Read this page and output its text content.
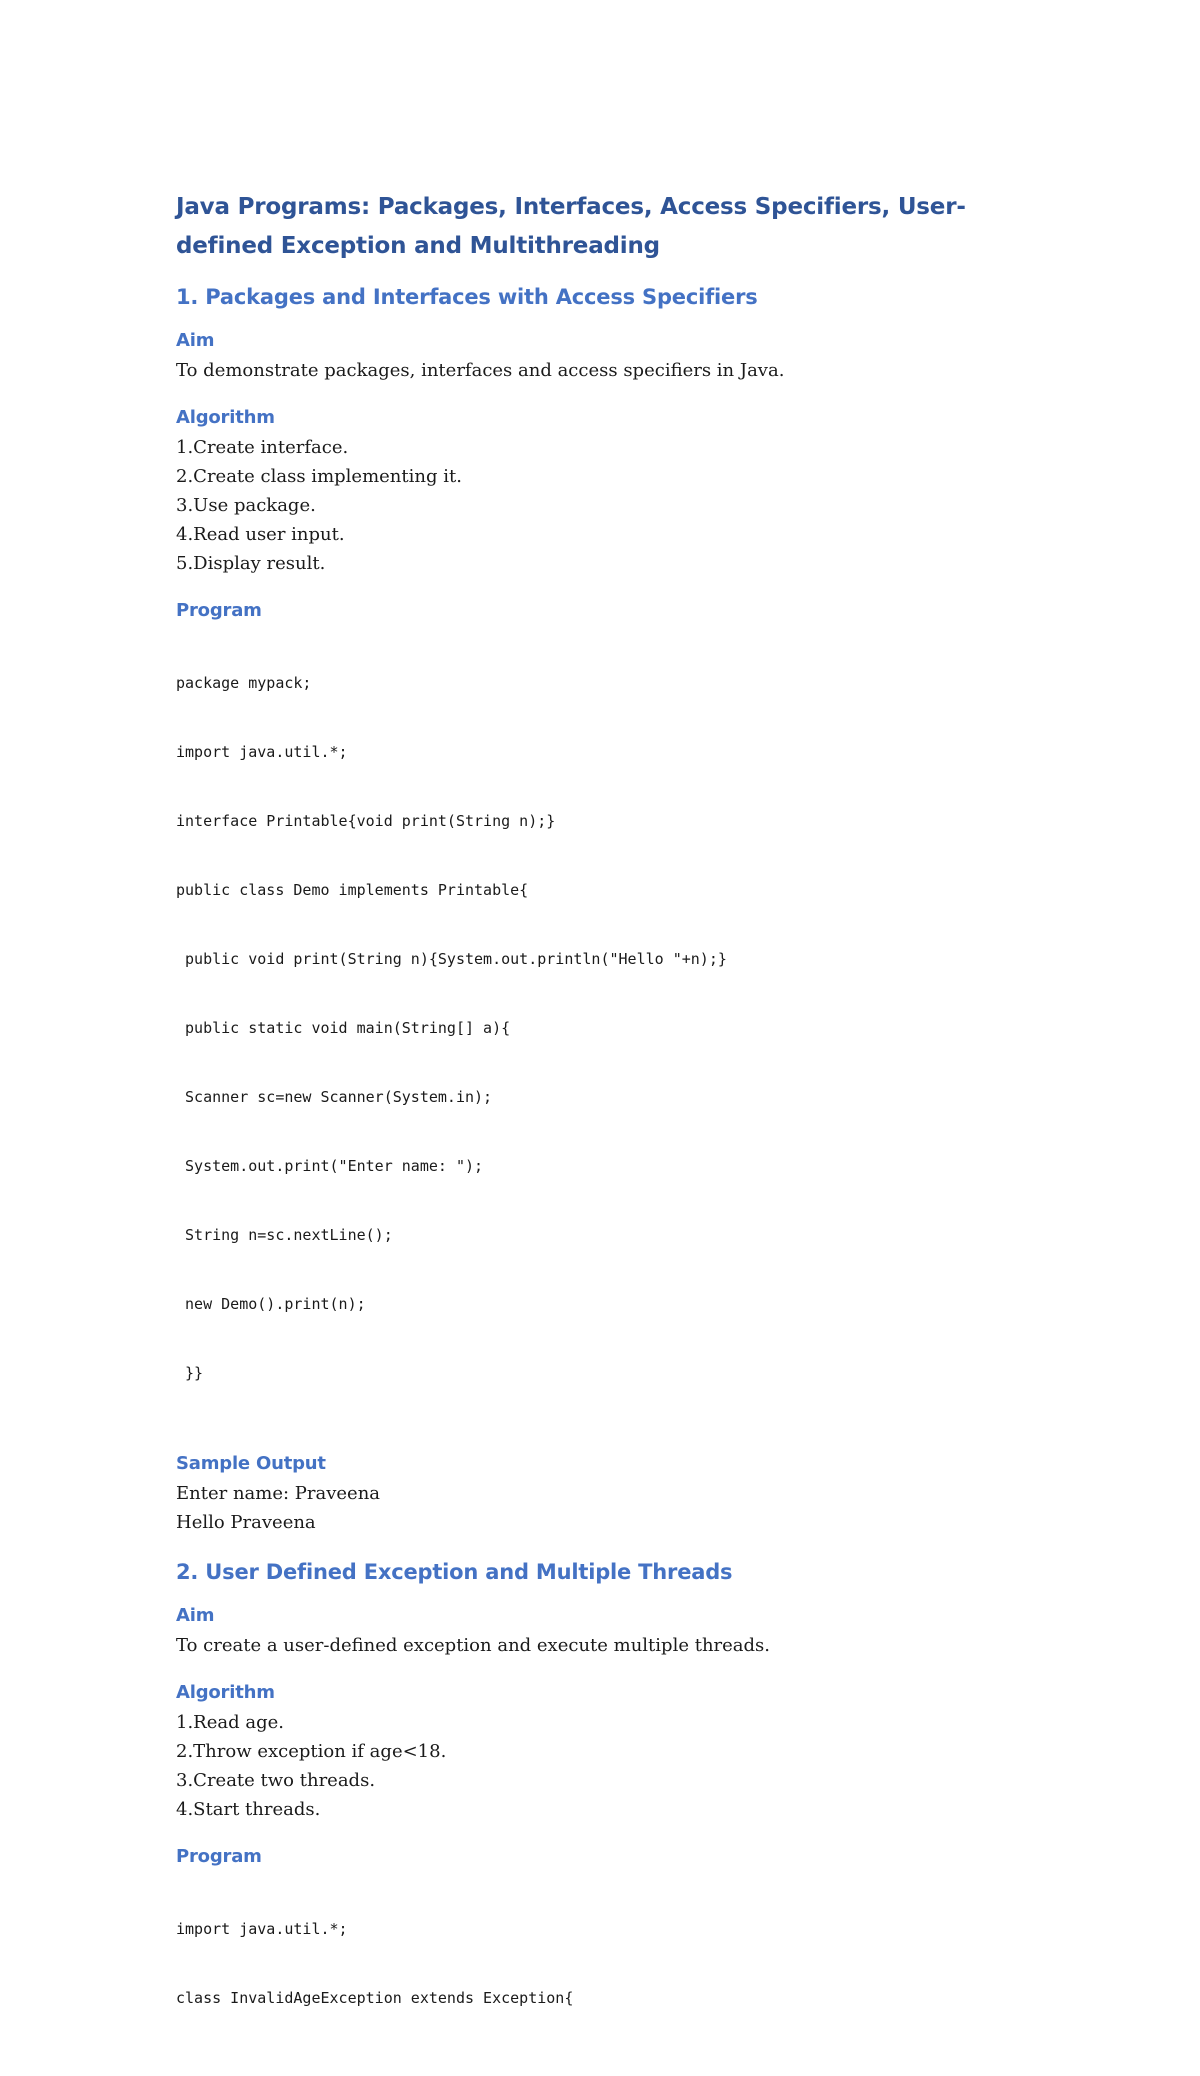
Java Programs: Packages, Interfaces, Access Specifiers, User-defined Exception and Multithreading
1. Packages and Interfaces with Access Specifiers
Aim

To demonstrate packages, interfaces and access specifiers in Java.

Algorithm
1.Create interface.
2.Create class implementing it.
3.Use package.
4.Read user input.
5.Display result.
Program

package mypack;

import java.util.*;

interface Printable{void print(String n);}

public class Demo implements Printable{

public void print(String n){System.out.println("Hello "+n);}

public static void main(String[] a){

Scanner sc=new Scanner(System.in);

System.out.print("Enter name: ");

String n=sc.nextLine();

new Demo().print(n);

}}

Sample Output

Enter name: Praveena

Hello Praveena

2. User Defined Exception and Multiple Threads
Aim

To create a user-defined exception and execute multiple threads.

Algorithm
1.Read age.
2.Throw exception if age<18.
3.Create two threads.
4.Start threads.
Program

import java.util.*;

class InvalidAgeException extends Exception{
